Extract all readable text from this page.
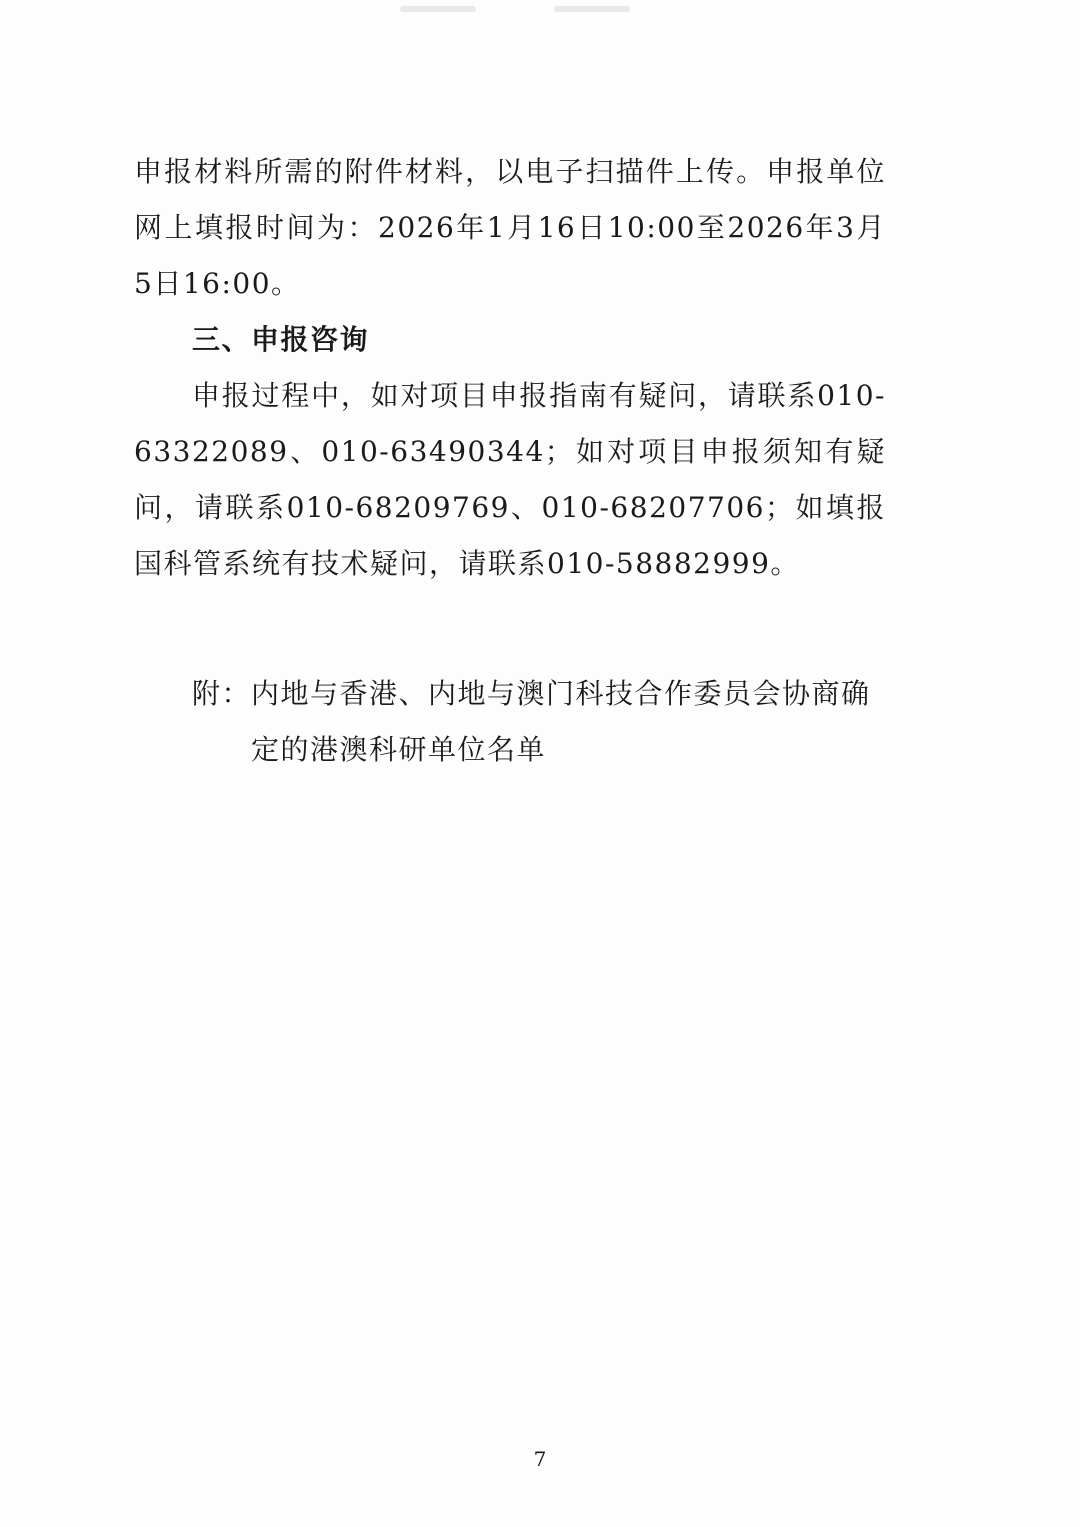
申报材料所需的附件材料，以电子扫描件上传。申报单位网上填报时间为：2026年1月16日10:00至2026年3月5日16:00。

三、申报咨询

申报过程中，如对项目申报指南有疑问，请联系010-63322089、010-63490344；如对项目申报须知有疑问，请联系010-68209769、010-68207706；如填报国科管系统有技术疑问，请联系010-58882999。

附： 内地与香港、内地与澳门科技合作委员会协商确定的港澳科研单位名单
7
